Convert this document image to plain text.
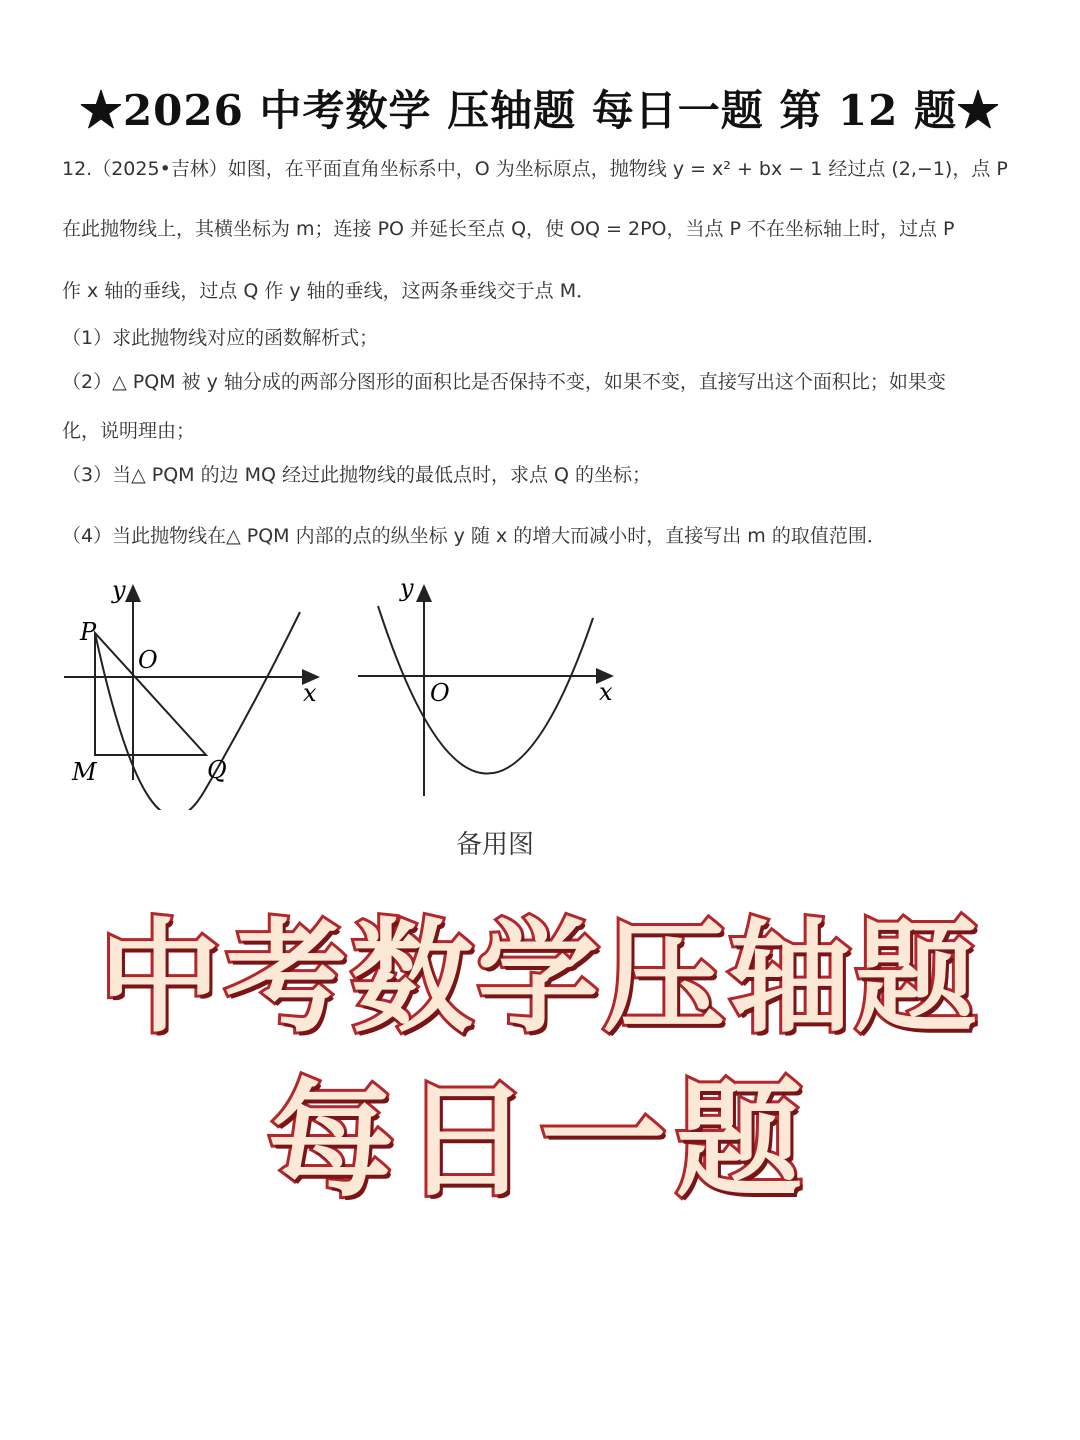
★2026 中考数学 压轴题 每日一题 第 12 题★
12.（2025•吉林）如图，在平面直角坐标系中，O 为坐标原点，抛物线 y = x² + bx − 1 经过点 (2,−1)，点 P
在此抛物线上，其横坐标为 m；连接 PO 并延长至点 Q，使 OQ = 2PO，当点 P 不在坐标轴上时，过点 P
作 x 轴的垂线，过点 Q 作 y 轴的垂线，这两条垂线交于点 M．
（1）求此抛物线对应的函数解析式；
（2）△ PQM 被 y 轴分成的两部分图形的面积比是否保持不变，如果不变，直接写出这个面积比；如果变
化，说明理由；
（3）当△ PQM 的边 MQ 经过此抛物线的最低点时，求点 Q 的坐标；
（4）当此抛物线在△ PQM 内部的点的纵坐标 y 随 x 的增大而减小时，直接写出 m 的取值范围．
y
x
O
P
M	Q
y
x
O
备用图
中考数学压轴题
每日一题
